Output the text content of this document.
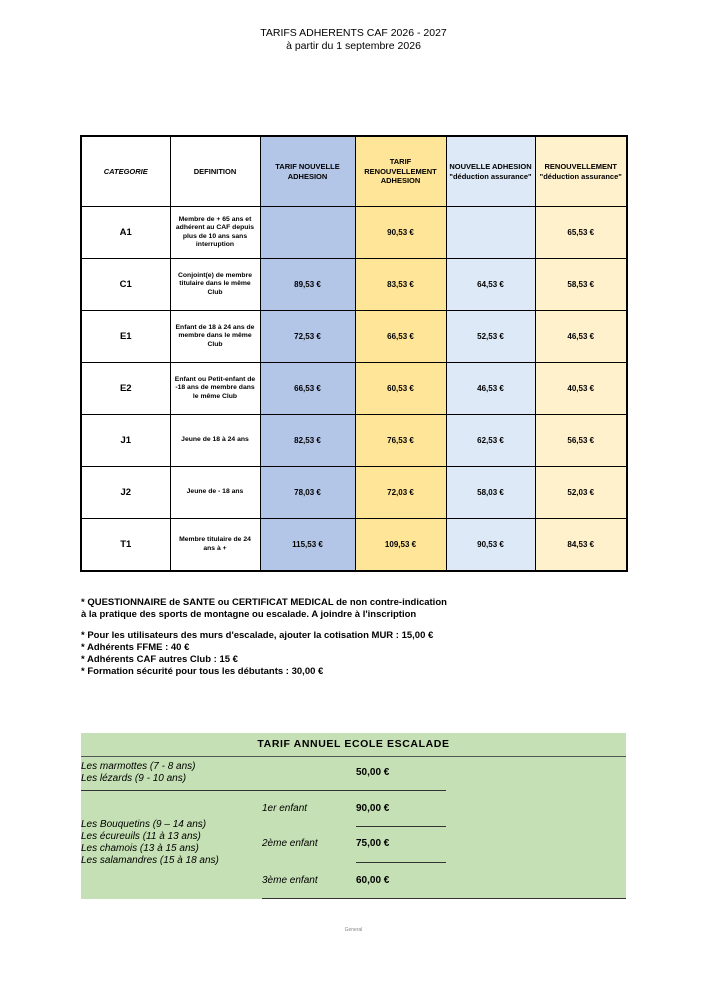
TARIFS ADHERENTS CAF 2026 - 2027
à partir du 1 septembre 2026
CATEGORIE	DEFINITION	TARIF NOUVELLE ADHESION	TARIF RENOUVELLEMENT ADHESION	NOUVELLE ADHESION "déduction assurance"	RENOUVELLEMENT "déduction assurance"
A1	Membre de + 65 ans et adhérent au CAF depuis plus de 10 ans sans interruption		90,53 €		65,53 €
C1	Conjoint(e) de membre titulaire dans le même Club	89,53 €	83,53 €	64,53 €	58,53 €
E1	Enfant de 18 à 24 ans de membre dans le même Club	72,53 €	66,53 €	52,53 €	46,53 €
E2	Enfant ou Petit-enfant de -18 ans de membre dans le même Club	66,53 €	60,53 €	46,53 €	40,53 €
J1	Jeune de 18 à 24 ans	82,53 €	76,53 €	62,53 €	56,53 €
J2	Jeune de - 18 ans	78,03 €	72,03 €	58,03 €	52,03 €
T1	Membre titulaire de 24 ans à +	115,53 €	109,53 €	90,53 €	84,53 €

* QUESTIONNAIRE de SANTE ou CERTIFICAT MEDICAL de non contre-indication

à la pratique des sports de montagne ou escalade. A joindre à l'inscription

* Pour les utilisateurs des murs d'escalade, ajouter la cotisation MUR : 15,00 €

* Adhérents FFME : 40 €

* Adhérents CAF autres Club : 15 €

* Formation sécurité pour tous les débutants : 30,00 €

TARIF ANNUEL ECOLE ESCALADE
Les marmottes (7 - 8 ans)
Les lézards (9 - 10 ans)
50,00 €
Les Bouquetins (9 – 14 ans)
Les écureuils (11 à 13 ans)
Les chamois (13 à 15 ans)
Les salamandres (15 à 18 ans)
1er enfant	90,00 €
2ème enfant	75,00 €
3ème enfant	60,00 €
General
